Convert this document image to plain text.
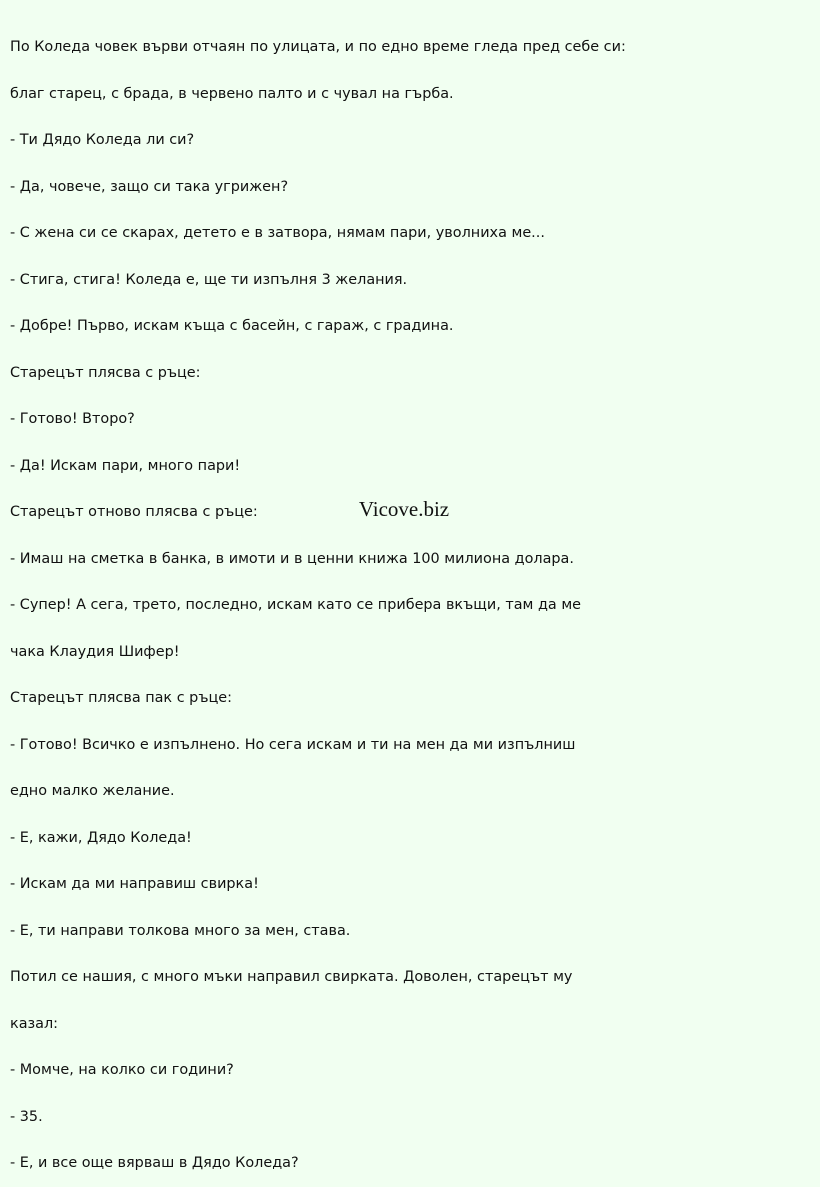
По Коледа човек върви отчаян по улицата, и по едно време гледа пред себе си:

благ старец, с брада, в червено палто и с чувал на гърба.

- Ти Дядо Коледа ли си?

- Да, човече, защо си така угрижен?

- С жена си се скарах, детето е в затвора, нямам пари, уволниха ме...

- Стига, стига! Коледа е, ще ти изпълня 3 желания.

- Добре! Първо, искам къща с басейн, с гараж, с градина.

Старецът плясва с ръце:

- Готово! Второ?

- Да! Искам пари, много пари!

Старецът отново плясва с ръце:

- Имаш на сметка в банка, в имоти и в ценни книжа 100 милиона долара.

- Супер! А сега, трето, последно, искам като се прибера вкъщи, там да ме

чака Клаудия Шифер!

Старецът плясва пак с ръце:

- Готово! Всичко е изпълнено. Но сега искам и ти на мен да ми изпълниш

едно малко желание.

- Е, кажи, Дядо Коледа!

- Искам да ми направиш свирка!

- Е, ти направи толкова много за мен, става.

Потил се нашия, с много мъки направил свирката. Доволен, старецът му

казал:

- Момче, на колко си години?

- 35.

- Е, и все още вярваш в Дядо Коледа?

Vicove.biz
